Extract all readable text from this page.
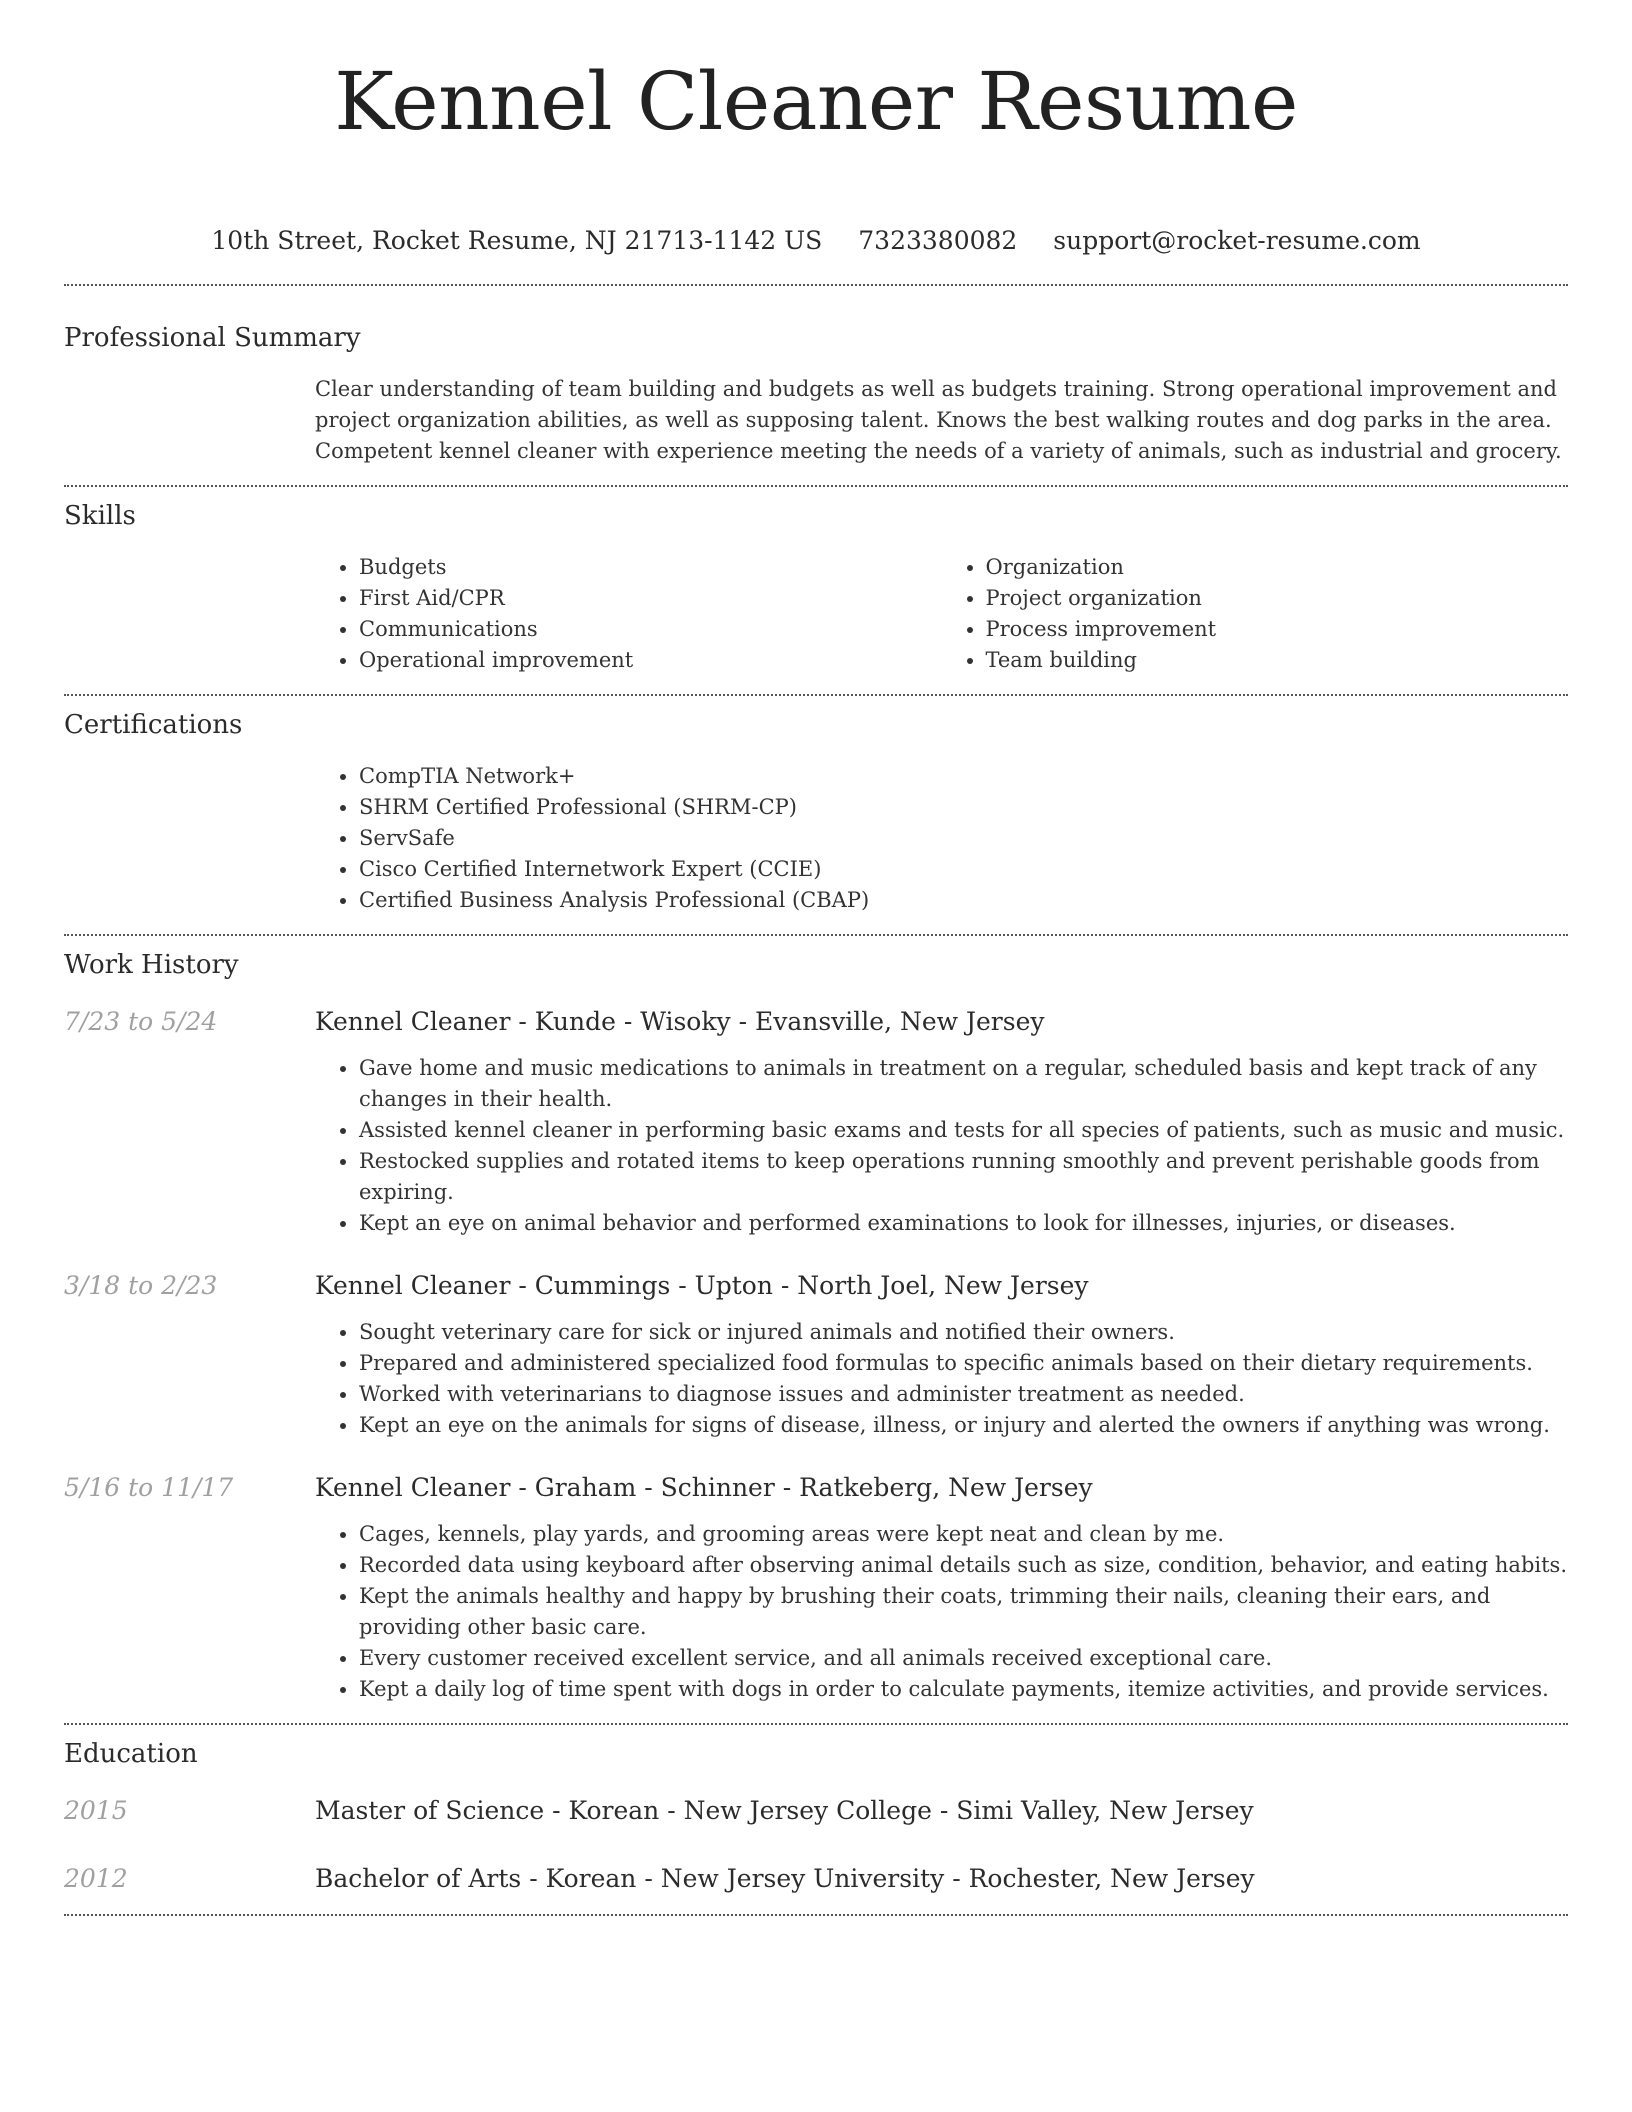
Kennel Cleaner Resume
10th Street, Rocket Resume, NJ 21713-1142 US 7323380082 support@rocket-resume.com
Professional Summary

Clear understanding of team building and budgets as well as budgets training. Strong operational improvement and project organization abilities, as well as supposing talent. Knows the best walking routes and dog parks in the area. Competent kennel cleaner with experience meeting the needs of a variety of animals, such as industrial and grocery.

Skills
• Budgets
• First Aid/CPR
• Communications
• Operational improvement
• Organization
• Project organization
• Process improvement
• Team building
Certifications
• CompTIA Network+
• SHRM Certified Professional (SHRM-CP)
• ServSafe
• Cisco Certified Internetwork Expert (CCIE)
• Certified Business Analysis Professional (CBAP)
Work History
7/23 to 5/24	Kennel Cleaner - Kunde - Wisoky - Evansville, New Jersey
• Gave home and music medications to animals in treatment on a regular, scheduled basis and kept track of any changes in their health.
• Assisted kennel cleaner in performing basic exams and tests for all species of patients, such as music and music.
• Restocked supplies and rotated items to keep operations running smoothly and prevent perishable goods from expiring.
• Kept an eye on animal behavior and performed examinations to look for illnesses, injuries, or diseases.
3/18 to 2/23	Kennel Cleaner - Cummings - Upton - North Joel, New Jersey
• Sought veterinary care for sick or injured animals and notified their owners.
• Prepared and administered specialized food formulas to specific animals based on their dietary requirements.
• Worked with veterinarians to diagnose issues and administer treatment as needed.
• Kept an eye on the animals for signs of disease, illness, or injury and alerted the owners if anything was wrong.
5/16 to 11/17	Kennel Cleaner - Graham - Schinner - Ratkeberg, New Jersey
• Cages, kennels, play yards, and grooming areas were kept neat and clean by me.
• Recorded data using keyboard after observing animal details such as size, condition, behavior, and eating habits.
• Kept the animals healthy and happy by brushing their coats, trimming their nails, cleaning their ears, and providing other basic care.
• Every customer received excellent service, and all animals received exceptional care.
• Kept a daily log of time spent with dogs in order to calculate payments, itemize activities, and provide services.
Education
2015	Master of Science - Korean - New Jersey College - Simi Valley, New Jersey
2012	Bachelor of Arts - Korean - New Jersey University - Rochester, New Jersey
